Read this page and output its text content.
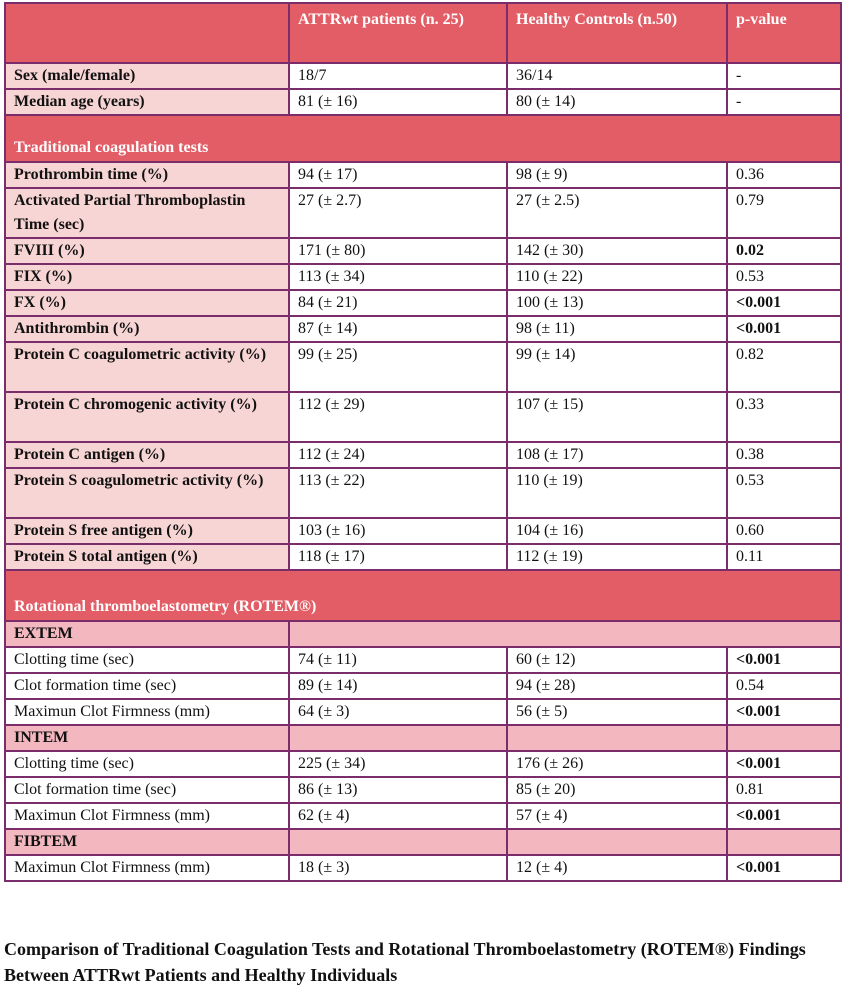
	ATTRwt patients (n. 25)	Healthy Controls (n.50)	p-value
Sex (male/female)	18/7	36/14	-
Median age (years)	81 (± 16)	80 (± 14)	-
Traditional coagulation tests			
Prothrombin time (%)	94 (± 17)	98 (± 9)	0.36
Activated Partial Thromboplastin Time (sec)	27 (± 2.7)	27 (± 2.5)	0.79
FVIII (%)	171 (± 80)	142 (± 30)	0.02
FIX (%)	113 (± 34)	110 (± 22)	0.53
FX (%)	84 (± 21)	100 (± 13)	<0.001
Antithrombin (%)	87 (± 14)	98 (± 11)	<0.001
Protein C coagulometric activity (%)	99 (± 25)	99 (± 14)	0.82
Protein C chromogenic activity (%)	112 (± 29)	107 (± 15)	0.33
Protein C antigen (%)	112 (± 24)	108 (± 17)	0.38
Protein S coagulometric activity (%)	113 (± 22)	110 (± 19)	0.53
Protein S free antigen (%)	103 (± 16)	104 (± 16)	0.60
Protein S total antigen (%)	118 (± 17)	112 (± 19)	0.11
Rotational thromboelastometry (ROTEM®)			
EXTEM			
Clotting time (sec)	74 (± 11)	60 (± 12)	<0.001
Clot formation time (sec)	89 (± 14)	94 (± 28)	0.54
Maximun Clot Firmness (mm)	64 (± 3)	56 (± 5)	<0.001
INTEM			
Clotting time (sec)	225 (± 34)	176 (± 26)	<0.001
Clot formation time (sec)	86 (± 13)	85 (± 20)	0.81
Maximun Clot Firmness (mm)	62 (± 4)	57 (± 4)	<0.001
FIBTEM			
Maximun Clot Firmness (mm)	18 (± 3)	12 (± 4)	<0.001
Comparison of Traditional Coagulation Tests and Rotational Thromboelastometry (ROTEM®) Findings Between ATTRwt Patients and Healthy Individuals
